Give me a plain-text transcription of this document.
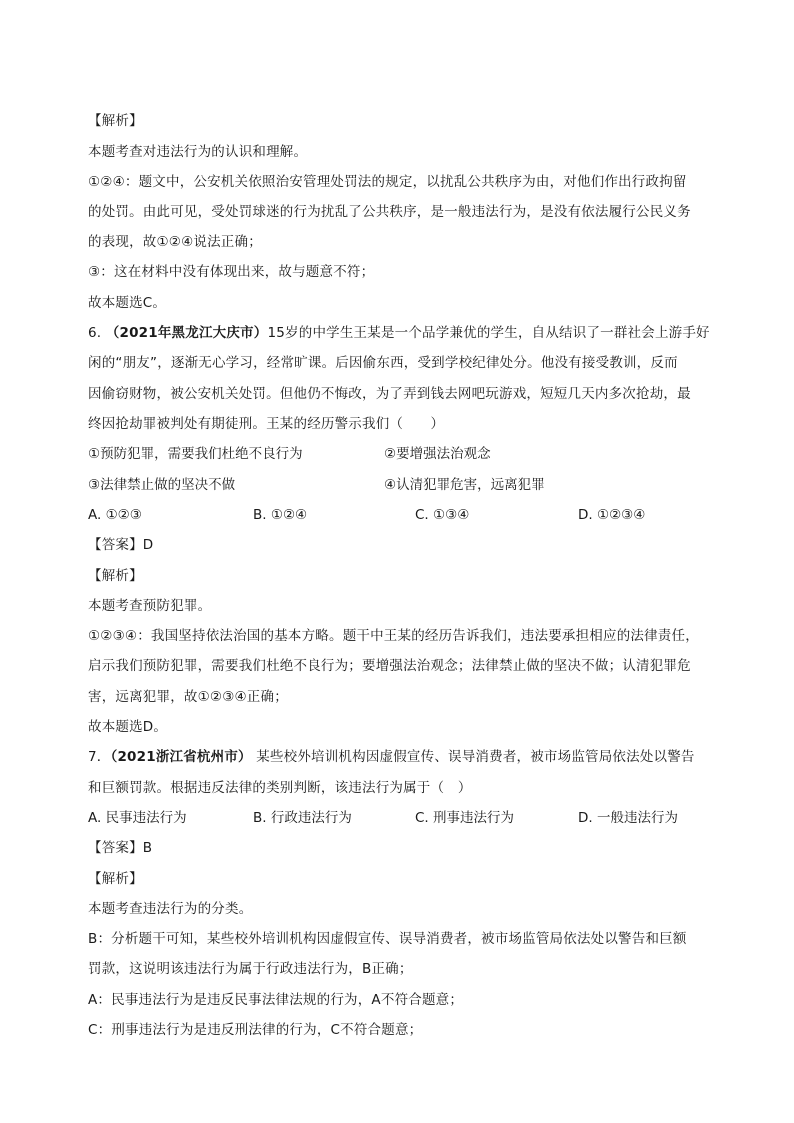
【解析】
本题考查对违法行为的认识和理解。
①②④：题文中，公安机关依照治安管理处罚法的规定，以扰乱公共秩序为由，对他们作出行政拘留
的处罚。由此可见，受处罚球迷的行为扰乱了公共秩序，是一般违法行为，是没有依法履行公民义务
的表现，故①②④说法正确；
③：这在材料中没有体现出来，故与题意不符；
故本题选C。
6. （2021年黑龙江大庆市）15岁的中学生王某是一个品学兼优的学生，自从结识了一群社会上游手好
闲的“朋友”，逐渐无心学习，经常旷课。后因偷东西，受到学校纪律处分。他没有接受教训，反而
因偷窃财物，被公安机关处罚。但他仍不悔改，为了弄到钱去网吧玩游戏，短短几天内多次抢劫，最
终因抢劫罪被判处有期徒刑。王某的经历警示我们（　　）
①预防犯罪，需要我们杜绝不良行为	②要增强法治观念
③法律禁止做的坚决不做	④认清犯罪危害，远离犯罪
A. ①②③	B. ①②④	C. ①③④	D. ①②③④
【答案】D
【解析】
本题考查预防犯罪。
①②③④：我国坚持依法治国的基本方略。题干中王某的经历告诉我们，违法要承担相应的法律责任，
启示我们预防犯罪，需要我们杜绝不良行为；要增强法治观念；法律禁止做的坚决不做；认清犯罪危
害，远离犯罪，故①②③④正确；
故本题选D。
7．（2021浙江省杭州市） 某些校外培训机构因虚假宣传、误导消费者，被市场监管局依法处以警告
和巨额罚款。根据违反法律的类别判断，该违法行为属于（　）
A. 民事违法行为	B. 行政违法行为	C. 刑事违法行为	D. 一般违法行为
【答案】B
【解析】
本题考查违法行为的分类。
B：分析题干可知，某些校外培训机构因虚假宣传、误导消费者，被市场监管局依法处以警告和巨额
罚款，这说明该违法行为属于行政违法行为，B正确；
A：民事违法行为是违反民事法律法规的行为，A不符合题意；
C：刑事违法行为是违反刑法律的行为，C不符合题意；
